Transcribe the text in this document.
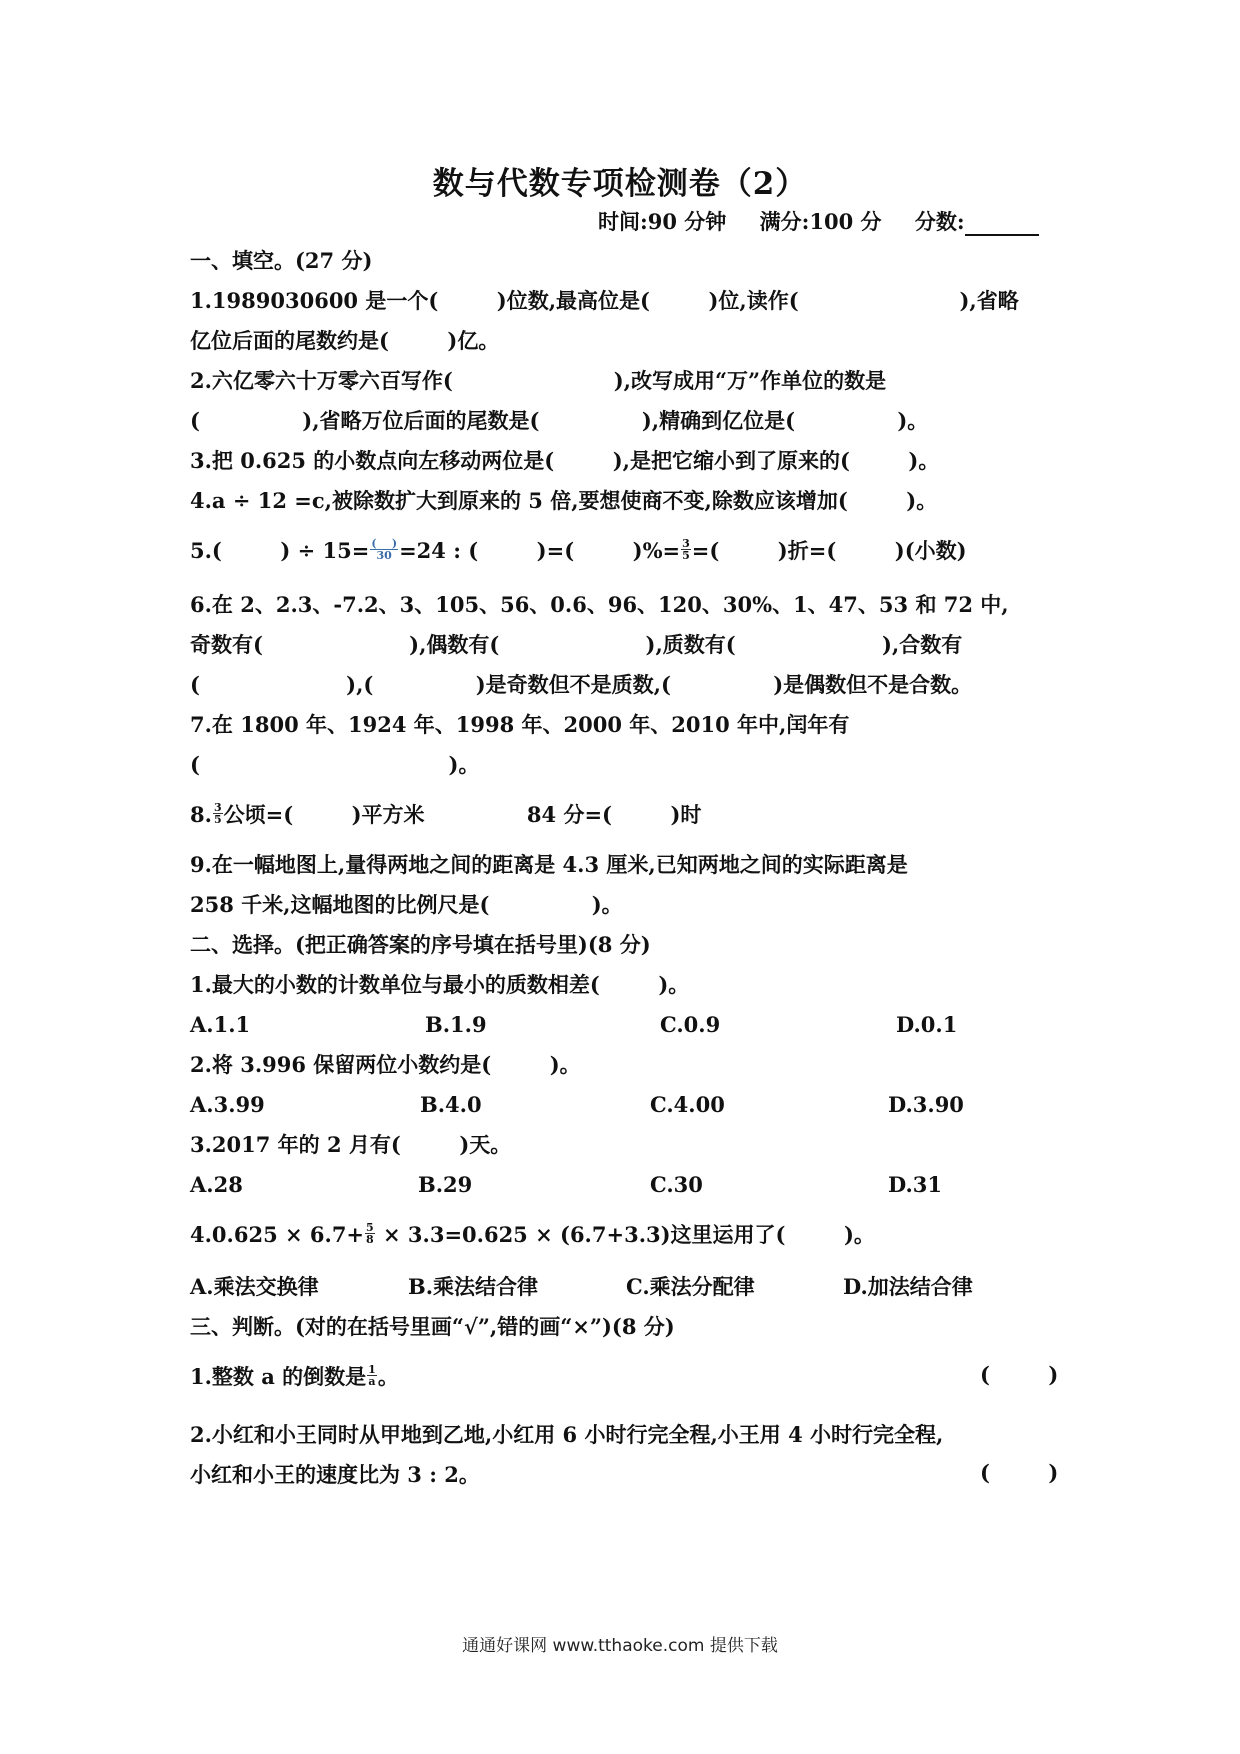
数与代数专项检测卷（2）
时间:90 分钟 满分:100 分 分数:
一、填空。(27 分)
1.1989030600 是一个(        )位数,最高位是(        )位,读作(                      ),省略
亿位后面的尾数约是(        )亿。
2.六亿零六十万零六百写作(                      ),改写成用“万”作单位的数是
(              ),省略万位后面的尾数是(              ),精确到亿位是(              )。
3.把 0.625 的小数点向左移动两位是(        ),是把它缩小到了原来的(        )。
4.a ÷ 12 =c,被除数扩大到原来的 5 倍,要想使商不变,除数应该增加(        )。
5.(        ) ÷ $15= \frac{( )}{30} =24$ : (        )=(        )%= $\frac{3}{5}$ =(        )折=(        )(小数)
6.在 2、2.3、-7.2、3、105、56、0.6、96、120、30%、1、47、53 和 72 中,
奇数有(                    ),偶数有(                    ),质数有(                    ),合数有
(                    ),(              )是奇数但不是质数,(              )是偶数但不是合数。
7.在 1800 年、1924 年、1998 年、2000 年、2010 年中,闰年有
(                                  )。
8. $\frac{3}{5}$ 公顷=(        )平方米              84 分=(        )时
9.在一幅地图上,量得两地之间的距离是 4.3 厘米,已知两地之间的实际距离是
258 千米,这幅地图的比例尺是(              )。
二、选择。(把正确答案的序号填在括号里)(8 分)
1.最大的小数的计数单位与最小的质数相差(        )。
A.1.1	B.1.9	C.0.9	D.0.1
2.将 3.996 保留两位小数约是(        )。
A.3.99	B.4.0	C.4.00	D.3.90
3.2017 年的 2 月有(        )天。
A.28	B.29	C.30	D.31
$4.0.625 \times 6.7+ \frac{5}{8} \times 3.3=0.625 \times (6.7+3.3)$这里运用了(        )。
A.乘法交换律	B.乘法结合律	C.乘法分配律	D.加法结合律
三、判断。(对的在括号里画“√”,错的画“×”)(8 分)
1.整数 a 的倒数是 $\frac{1}{a}$ 。	(        )
2.小红和小王同时从甲地到乙地,小红用 6 小时行完全程,小王用 4 小时行完全程,
小红和小王的速度比为 3 : 2。	(        )
通通好课网 www.tthaoke.com 提供下载
